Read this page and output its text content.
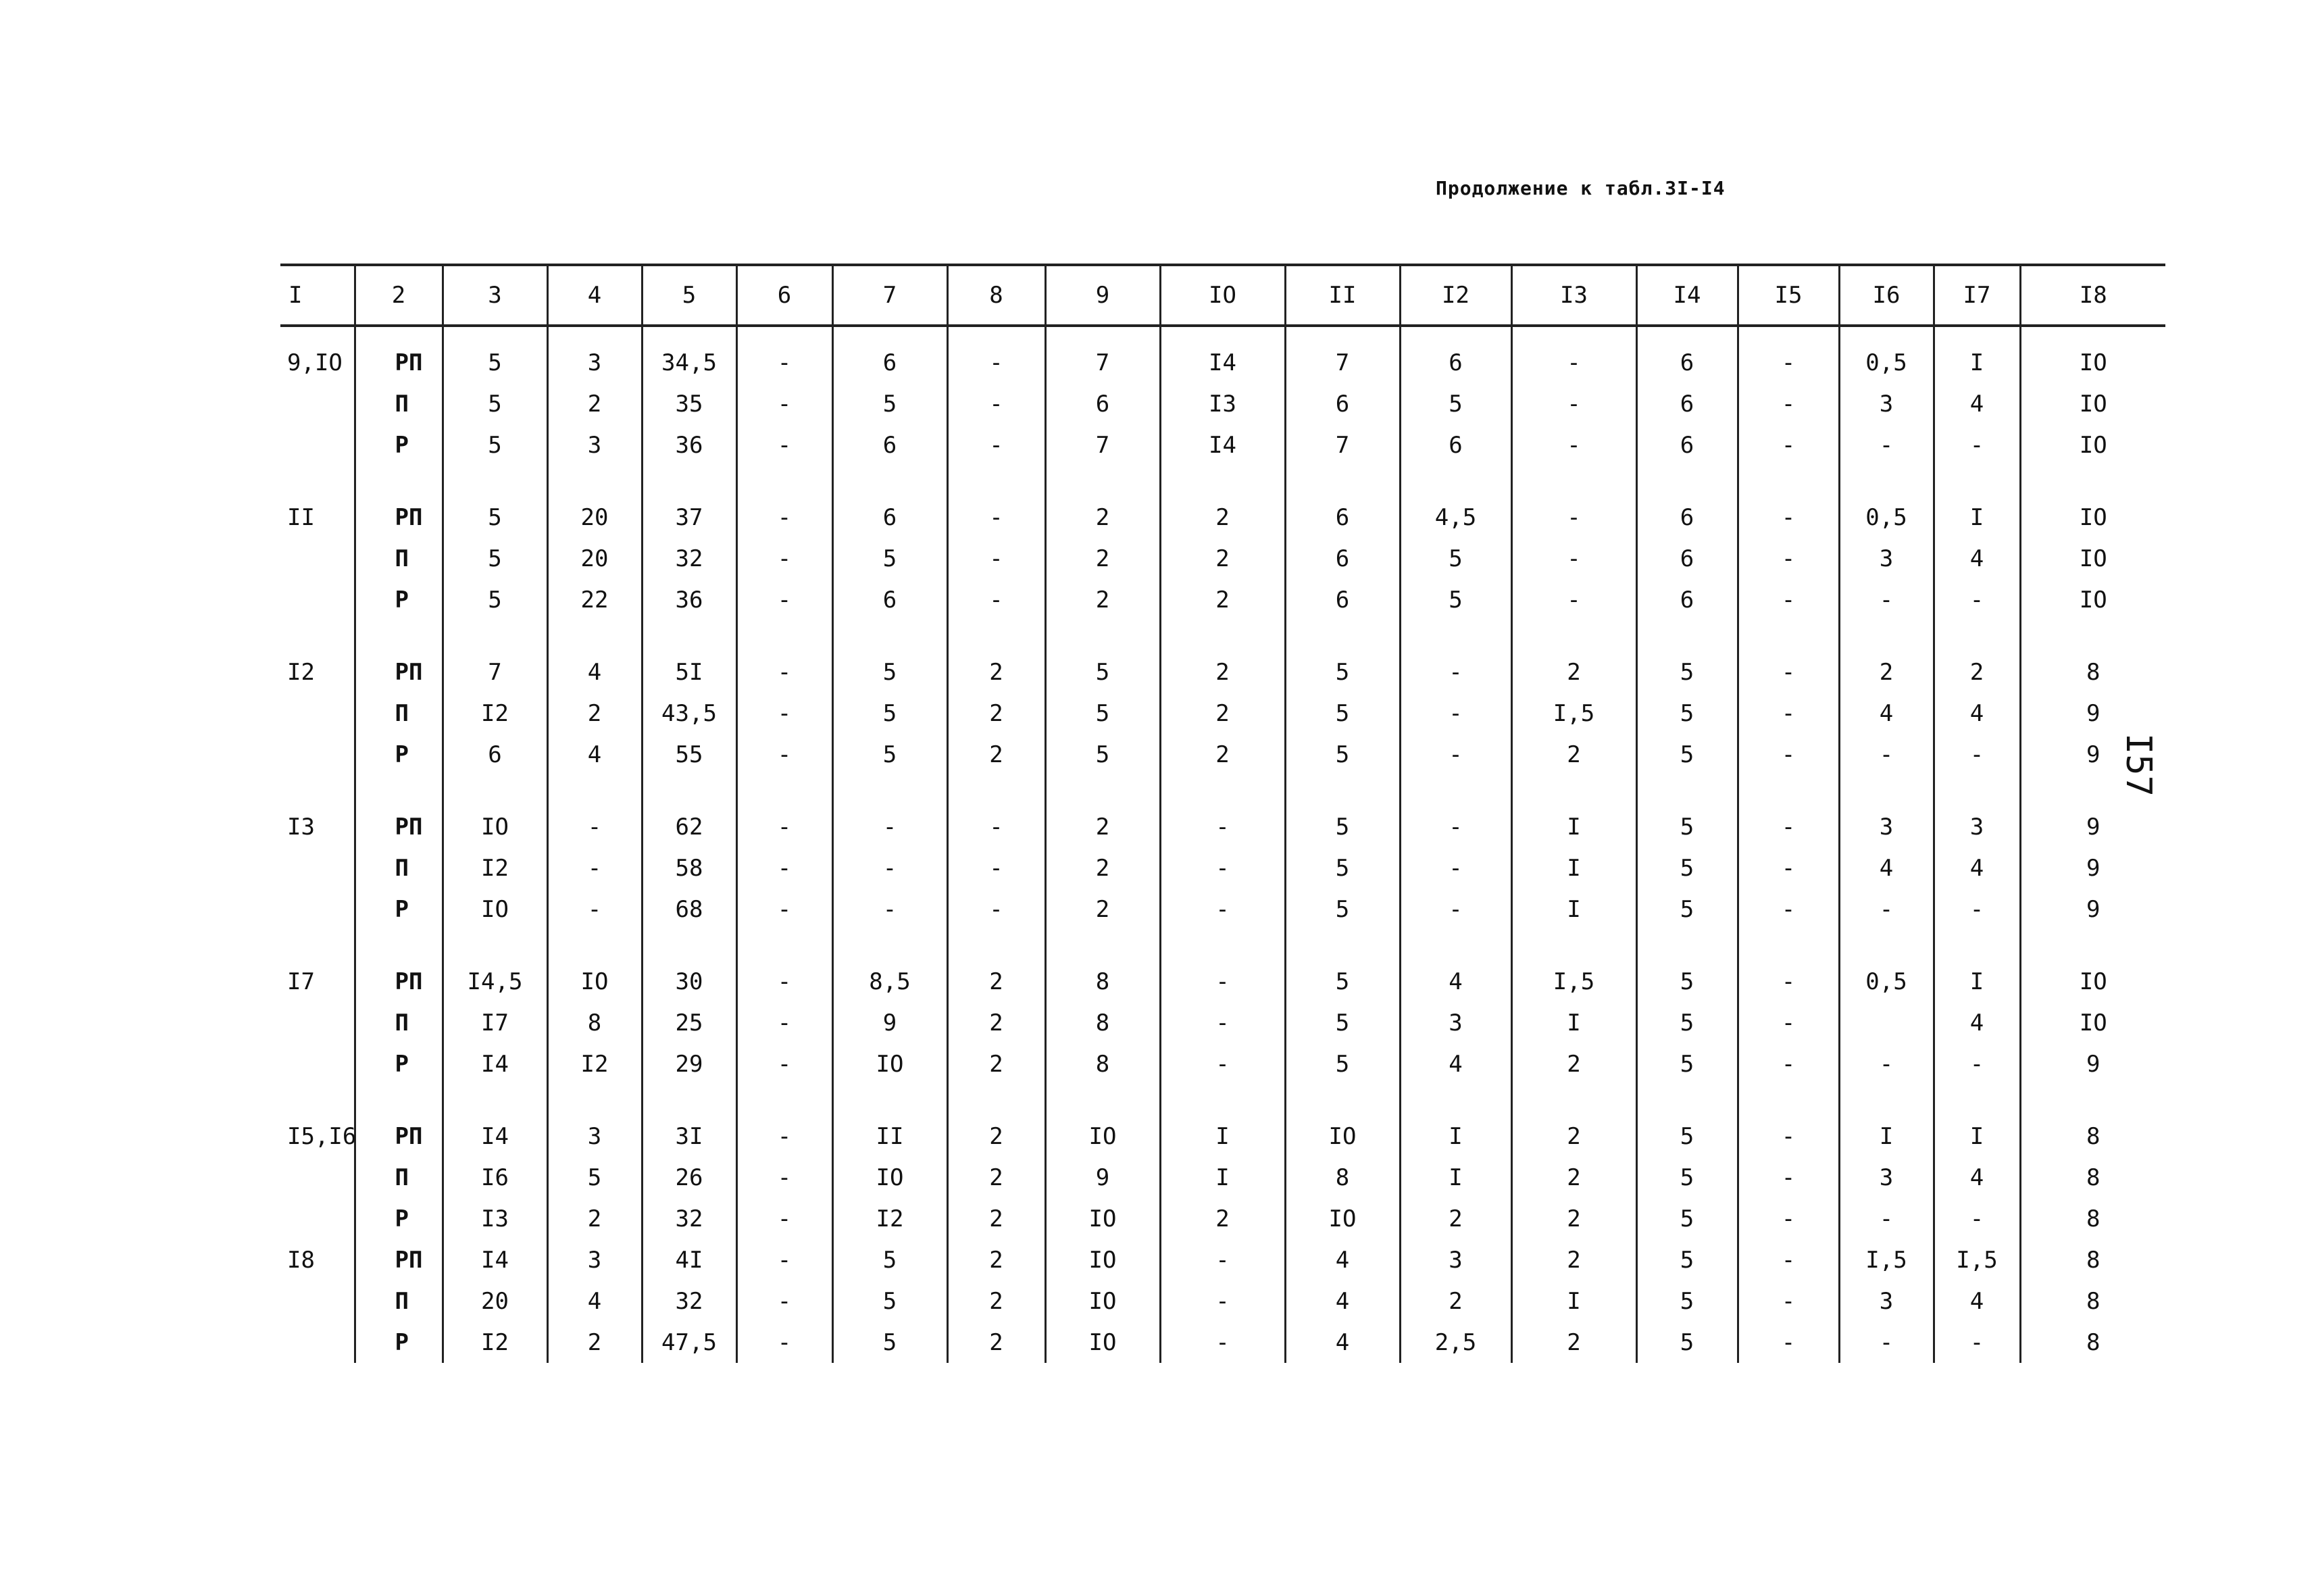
Продолжение к табл.3I-I4
I57
I	2	3	4	5	6	7	8	9	IO	II	I2	I3	I4	I5	I6	I7	I8
9,IO	РП	5	3	34,5	-	6	-	7	I4	7	6	-	6	-	0,5	I	IO
	П	5	2	35	-	5	-	6	I3	6	5	-	6	-	3	4	IO
	Р	5	3	36	-	6	-	7	I4	7	6	-	6	-	-	-	IO
II	РП	5	20	37	-	6	-	2	2	6	4,5	-	6	-	0,5	I	IO
	П	5	20	32	-	5	-	2	2	6	5	-	6	-	3	4	IO
	Р	5	22	36	-	6	-	2	2	6	5	-	6	-	-	-	IO
I2	РП	7	4	5I	-	5	2	5	2	5	-	2	5	-	2	2	8
	П	I2	2	43,5	-	5	2	5	2	5	-	I,5	5	-	4	4	9
	Р	6	4	55	-	5	2	5	2	5	-	2	5	-	-	-	9
I3	РП	IO	-	62	-	-	-	2	-	5	-	I	5	-	3	3	9
	П	I2	-	58	-	-	-	2	-	5	-	I	5	-	4	4	9
	Р	IO	-	68	-	-	-	2	-	5	-	I	5	-	-	-	9
I7	РП	I4,5	IO	30	-	8,5	2	8	-	5	4	I,5	5	-	0,5	I	IO
	П	I7	8	25	-	9	2	8	-	5	3	I	5	-		4	IO
	Р	I4	I2	29	-	IO	2	8	-	5	4	2	5	-	-	-	9
I5,I6	РП	I4	3	3I	-	II	2	IO	I	IO	I	2	5	-	I	I	8
	П	I6	5	26	-	IO	2	9	I	8	I	2	5	-	3	4	8
	Р	I3	2	32	-	I2	2	IO	2	IO	2	2	5	-	-	-	8
I8	РП	I4	3	4I	-	5	2	IO	-	4	3	2	5	-	I,5	I,5	8
	П	20	4	32	-	5	2	IO	-	4	2	I	5	-	3	4	8
	Р	I2	2	47,5	-	5	2	IO	-	4	2,5	2	5	-	-	-	8
